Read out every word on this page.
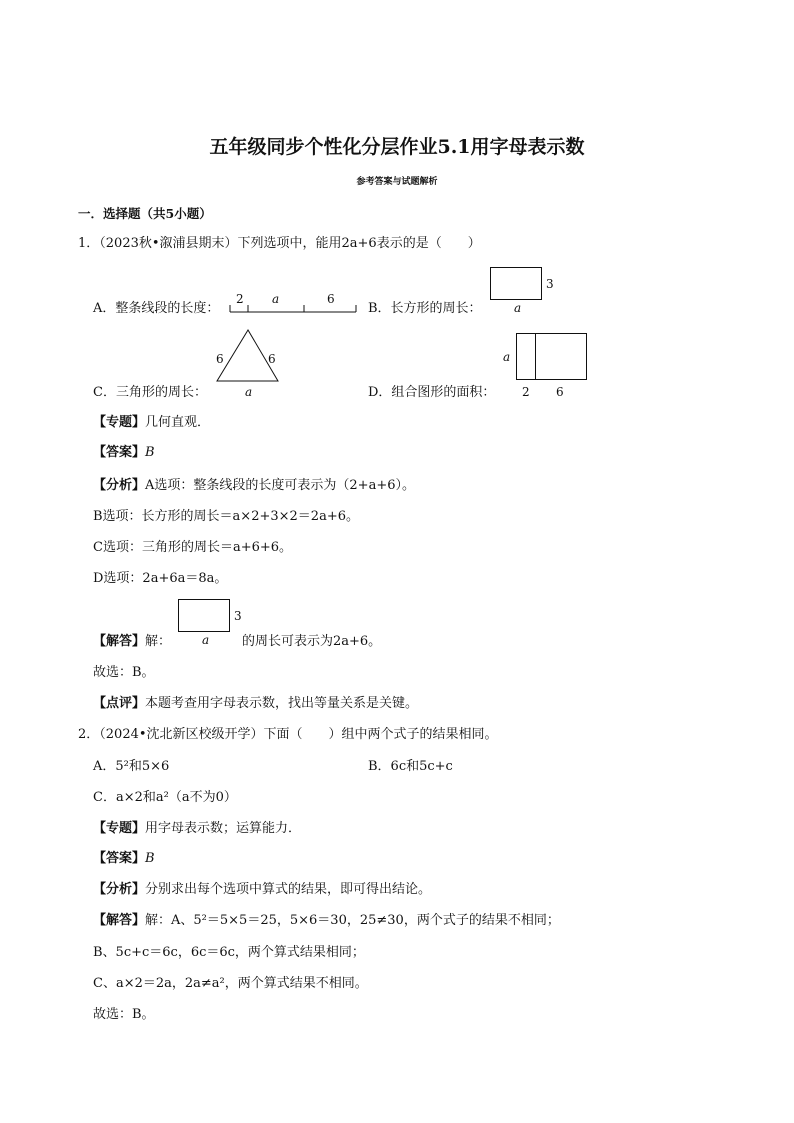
五年级同步个性化分层作业5.1用字母表示数
参考答案与试题解析
一．选择题（共5小题）
1．（2023秋•溆浦县期末）下列选项中，能用2a+6表示的是（　　）
A．整条线段的长度：
2 a	6
B．长方形的周长：
3
a
C．三角形的周长：
6	6
a	D．组合图形的面积：
a
2 6
【专题】几何直观．
【答案】B
【分析】A选项：整条线段的长度可表示为（2+a+6）。
B选项：长方形的周长＝a×2+3×2＝2a+6。
C选项：三角形的周长＝a+6+6。
D选项：2a+6a＝8a。
【解答】解：
3
a	的周长可表示为2a+6。
故选：B。
【点评】本题考查用字母表示数，找出等量关系是关键。
2．（2024•沈北新区校级开学）下面（　　）组中两个式子的结果相同。
A．5²和5×6	B．6c和5c+c
C．a×2和a²（a不为0）
【专题】用字母表示数；运算能力．
【答案】B
【分析】分别求出每个选项中算式的结果，即可得出结论。
【解答】解：A、5²＝5×5＝25，5×6＝30，25≠30，两个式子的结果不相同；
B、5c+c＝6c，6c＝6c，两个算式结果相同；
C、a×2＝2a，2a≠a²，两个算式结果不相同。
故选：B。
